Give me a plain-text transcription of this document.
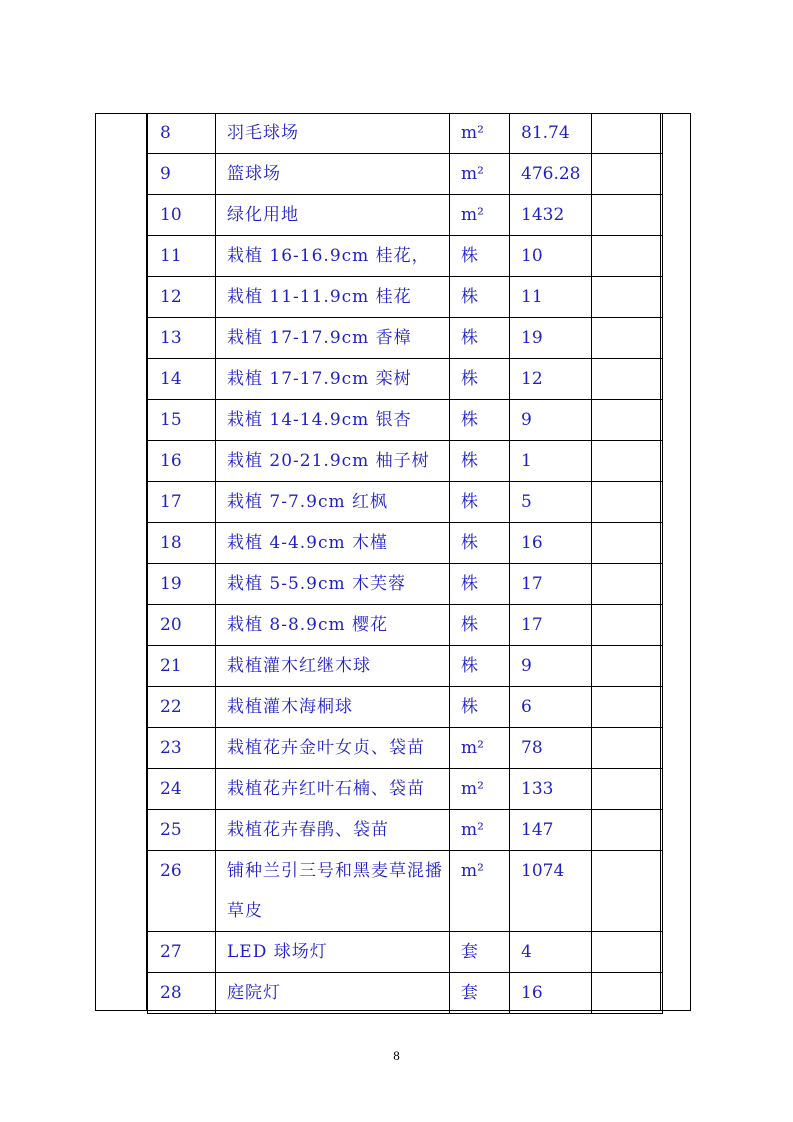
8	羽毛球场	m²	81.74	
9	篮球场	m²	476.28	
10	绿化用地	m²	1432	
11	栽植 16-16.9cm 桂花，	株	10	
12	栽植 11-11.9cm 桂花	株	11	
13	栽植 17-17.9cm 香樟	株	19	
14	栽植 17-17.9cm 栾树	株	12	
15	栽植 14-14.9cm 银杏	株	9	
16	栽植 20-21.9cm 柚子树	株	1	
17	栽植 7-7.9cm 红枫	株	5	
18	栽植 4-4.9cm 木槿	株	16	
19	栽植 5-5.9cm 木芙蓉	株	17	
20	栽植 8-8.9cm 樱花	株	17	
21	栽植灌木红继木球	株	9	
22	栽植灌木海桐球	株	6	
23	栽植花卉金叶女贞、袋苗	m²	78	
24	栽植花卉红叶石楠、袋苗	m²	133	
25	栽植花卉春鹃、袋苗	m²	147	
26	铺种兰引三号和黑麦草混播草皮	m²	1074	
27	LED 球场灯	套	4	
28	庭院灯	套	16	
8
